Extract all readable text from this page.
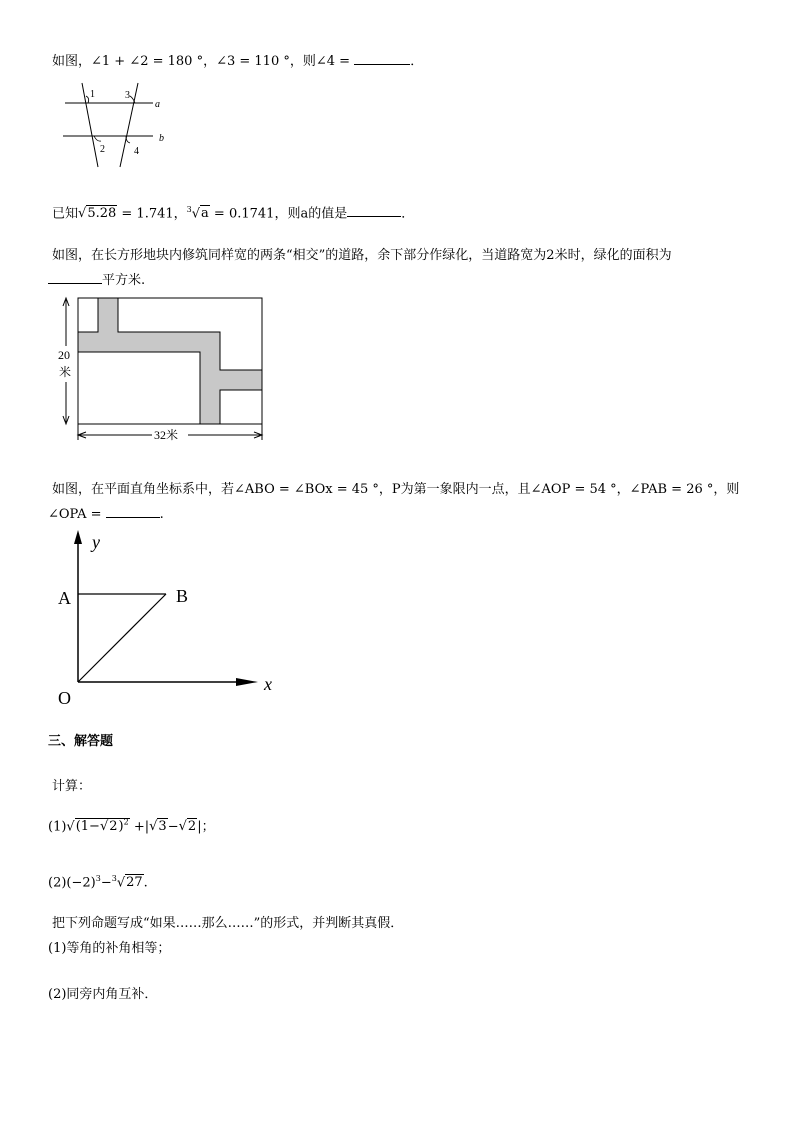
如图，∠1 + ∠2 = 180 °，∠3 = 110 °，则∠4 =	．
1	3
2	4
a
b
已知√5.28 = 1.741，$^3$√a = 0.1741，则a的值是	．
如图，在长方形地块内修筑同样宽的两条“相交”的道路，余下部分作绿化，当道路宽为2米时，绿化的面积为
平方米.
20
米
32米
如图，在平面直角坐标系中，若∠ABO = ∠BOx = 45 °，P为第一象限内一点，且∠AOP = 54 °，∠PAB = 26 °，则
∠OPA =	.
y
x
A	B
O
三、解答题
计算：
$(1)√(1-√2)^2 +|√3-√2|$；
$(2)(-2)^3-^3√27$.
把下列命题写成“如果……那么……”的形式，并判断其真假．
(1)等角的补角相等；
(2)同旁内角互补．
